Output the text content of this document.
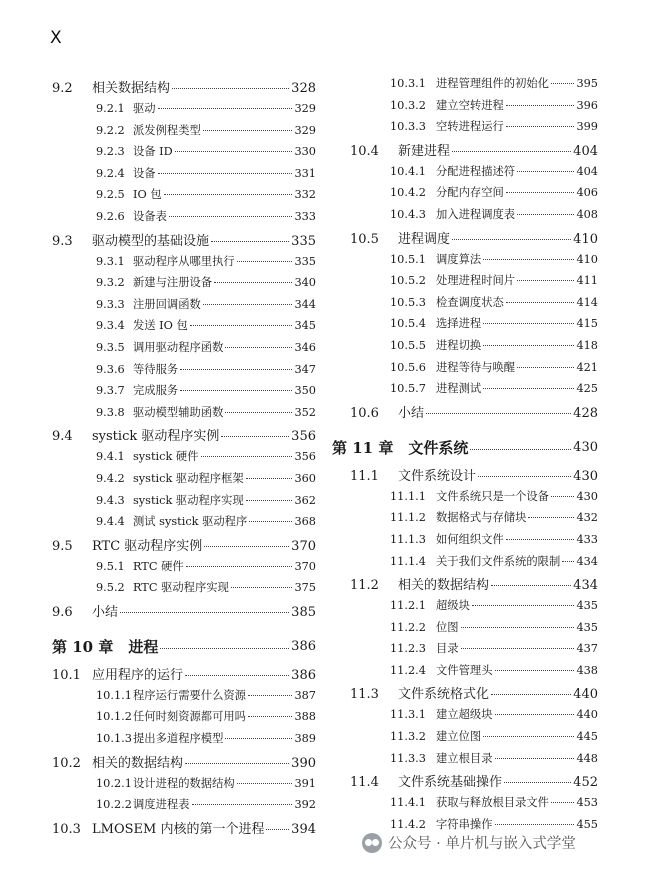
X
9.2	相关数据结构	328
9.2.1 驱动	329
9.2.2 派发例程类型	329
9.2.3 设备 ID	330
9.2.4 设备	331
9.2.5 IO 包	332
9.2.6 设备表	333
9.3	驱动模型的基础设施	335
9.3.1 驱动程序从哪里执行	335
9.3.2 新建与注册设备	340
9.3.3 注册回调函数	344
9.3.4 发送 IO 包	345
9.3.5 调用驱动程序函数	346
9.3.6 等待服务	347
9.3.7 完成服务	350
9.3.8 驱动模型辅助函数	352
9.4	systick 驱动程序实例	356
9.4.1 systick 硬件	356
9.4.2 systick 驱动程序框架	360
9.4.3 systick 驱动程序实现	362
9.4.4 测试 systick 驱动程序	368
9.5	RTC 驱动程序实例	370
9.5.1 RTC 硬件	370
9.5.2 RTC 驱动程序实现	375
9.6	小结	385
第 10 章　进程	386
10.1 应用程序的运行	386
10.1.1 程序运行需要什么资源	387
10.1.2 任何时刻资源都可用吗	388
10.1.3 提出多道程序模型	389
10.2 相关的数据结构	390
10.2.1 设计进程的数据结构	391
10.2.2 调度进程表	392
10.3 LMOSEM 内核的第一个进程 394
10.3.1 进程管理组件的初始化 395
10.3.2 建立空转进程	396
10.3.3 空转进程运行	399
10.4	新建进程	404
10.4.1 分配进程描述符	404
10.4.2 分配内存空间	406
10.4.3 加入进程调度表	408
10.5	进程调度	410
10.5.1 调度算法	410
10.5.2 处理进程时间片	411
10.5.3 检查调度状态	414
10.5.4 选择进程	415
10.5.5 进程切换	418
10.5.6 进程等待与唤醒	421
10.5.7 进程测试	425
10.6	小结	428
第 11 章　文件系统	430
11.1	文件系统设计	430
11.1.1 文件系统只是一个设备 430
11.1.2 数据格式与存储块	432
11.1.3 如何组织文件	433
11.1.4 关于我们文件系统的限制 434
11.2	相关的数据结构	434
11.2.1 超级块	435
11.2.2 位图	435
11.2.3 目录	437
11.2.4 文件管理头	438
11.3	文件系统格式化	440
11.3.1 建立超级块	440
11.3.2 建立位图	445
11.3.3 建立根目录	448
11.4	文件系统基础操作	452
11.4.1 获取与释放根目录文件 453
11.4.2 字符串操作	455
公众号 · 单片机与嵌入式学堂
